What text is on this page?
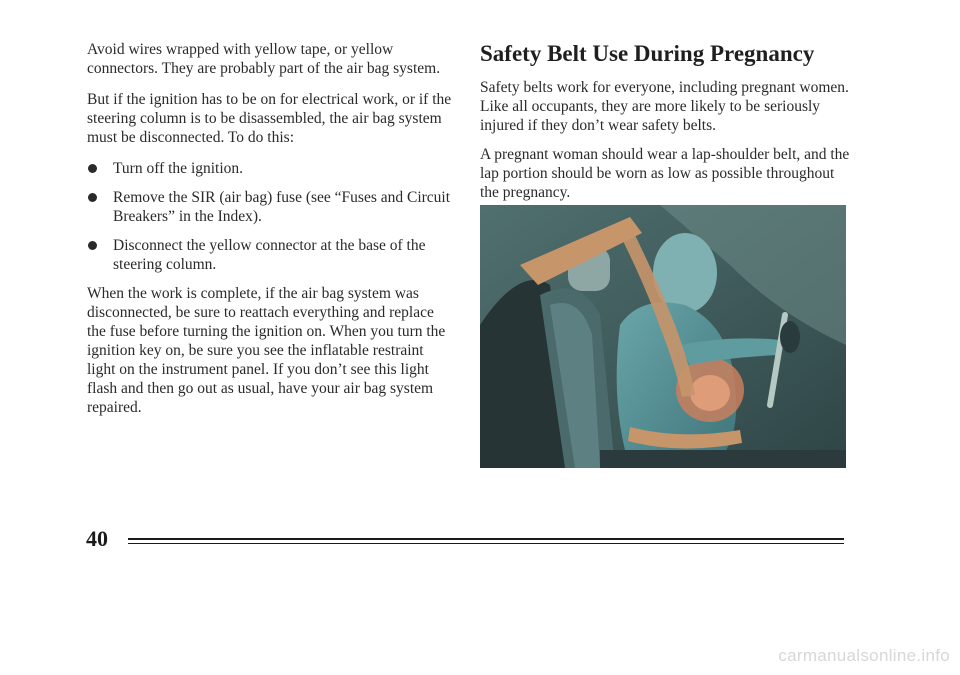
Avoid wires wrapped with yellow tape, or yellow connectors. They are probably part of the air bag system.

But if the ignition has to be on for electrical work, or if the steering column is to be disassembled, the air bag system must be disconnected. To do this:

Turn off the ignition.
Remove the SIR (air bag) fuse (see “Fuses and Circuit Breakers” in the Index).
Disconnect the yellow connector at the base of the steering column.

When the work is complete, if the air bag system was disconnected, be sure to reattach everything and replace the fuse before turning the ignition on. When you turn the ignition key on, be sure you see the inflatable restraint light on the instrument panel. If you don’t see this light flash and then go out as usual, have your air bag system repaired.

Safety Belt Use During Pregnancy

Safety belts work for everyone, including pregnant women. Like all occupants, they are more likely to be seriously injured if they don’t wear safety belts.

A pregnant woman should wear a lap-shoulder belt, and the lap portion should be worn as low as possible throughout the pregnancy.

40
carmanualsonline.info
